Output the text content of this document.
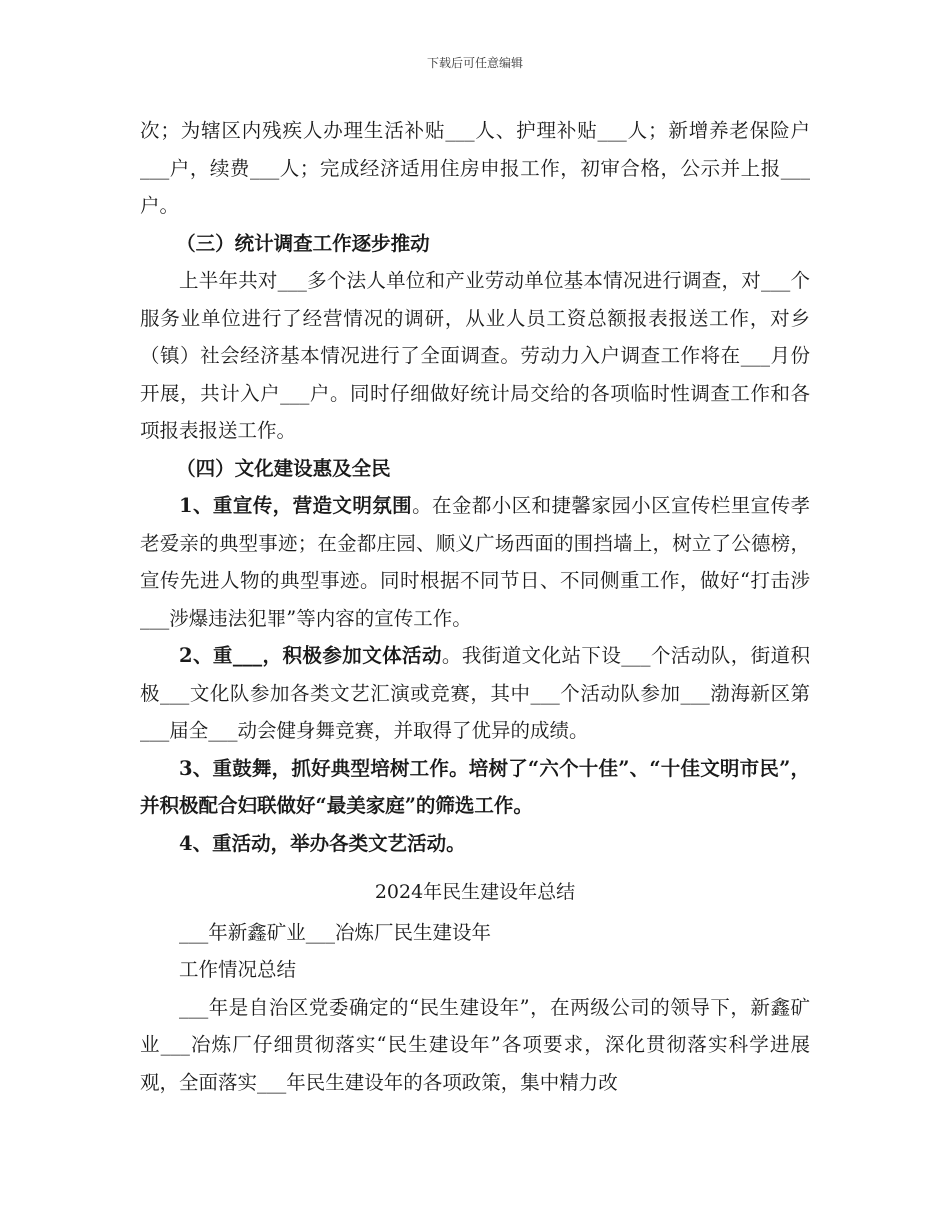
下载后可任意编辑

次；为辖区内残疾人办理生活补贴___人、护理补贴___人；新增养老保险户___户，续费___人；完成经济适用住房申报工作，初审合格，公示并上报___户。

（三）统计调查工作逐步推动

上半年共对___多个法人单位和产业劳动单位基本情况进行调查，对___个服务业单位进行了经营情况的调研，从业人员工资总额报表报送工作，对乡（镇）社会经济基本情况进行了全面调查。劳动力入户调查工作将在___月份开展，共计入户___户。同时仔细做好统计局交给的各项临时性调查工作和各项报表报送工作。

（四）文化建设惠及全民

1、重宣传，营造文明氛围。在金都小区和捷馨家园小区宣传栏里宣传孝老爱亲的典型事迹；在金都庄园、顺义广场西面的围挡墙上，树立了公德榜，宣传先进人物的典型事迹。同时根据不同节日、不同侧重工作，做好“打击涉___涉爆违法犯罪”等内容的宣传工作。

2、重___，积极参加文体活动。我街道文化站下设___个活动队，街道积极___文化队参加各类文艺汇演或竞赛，其中___个活动队参加___渤海新区第___届全___动会健身舞竞赛，并取得了优异的成绩。

3、重鼓舞，抓好典型培树工作。培树了“六个十佳”、“十佳文明市民”，并积极配合妇联做好“最美家庭”的筛选工作。

4、重活动，举办各类文艺活动。

2024年民生建设年总结

___年新鑫矿业___冶炼厂民生建设年

工作情况总结

___年是自治区党委确定的“民生建设年”，在两级公司的领导下，新鑫矿业___冶炼厂仔细贯彻落实“民生建设年”各项要求，深化贯彻落实科学进展观，全面落实___年民生建设年的各项政策，集中精力改
